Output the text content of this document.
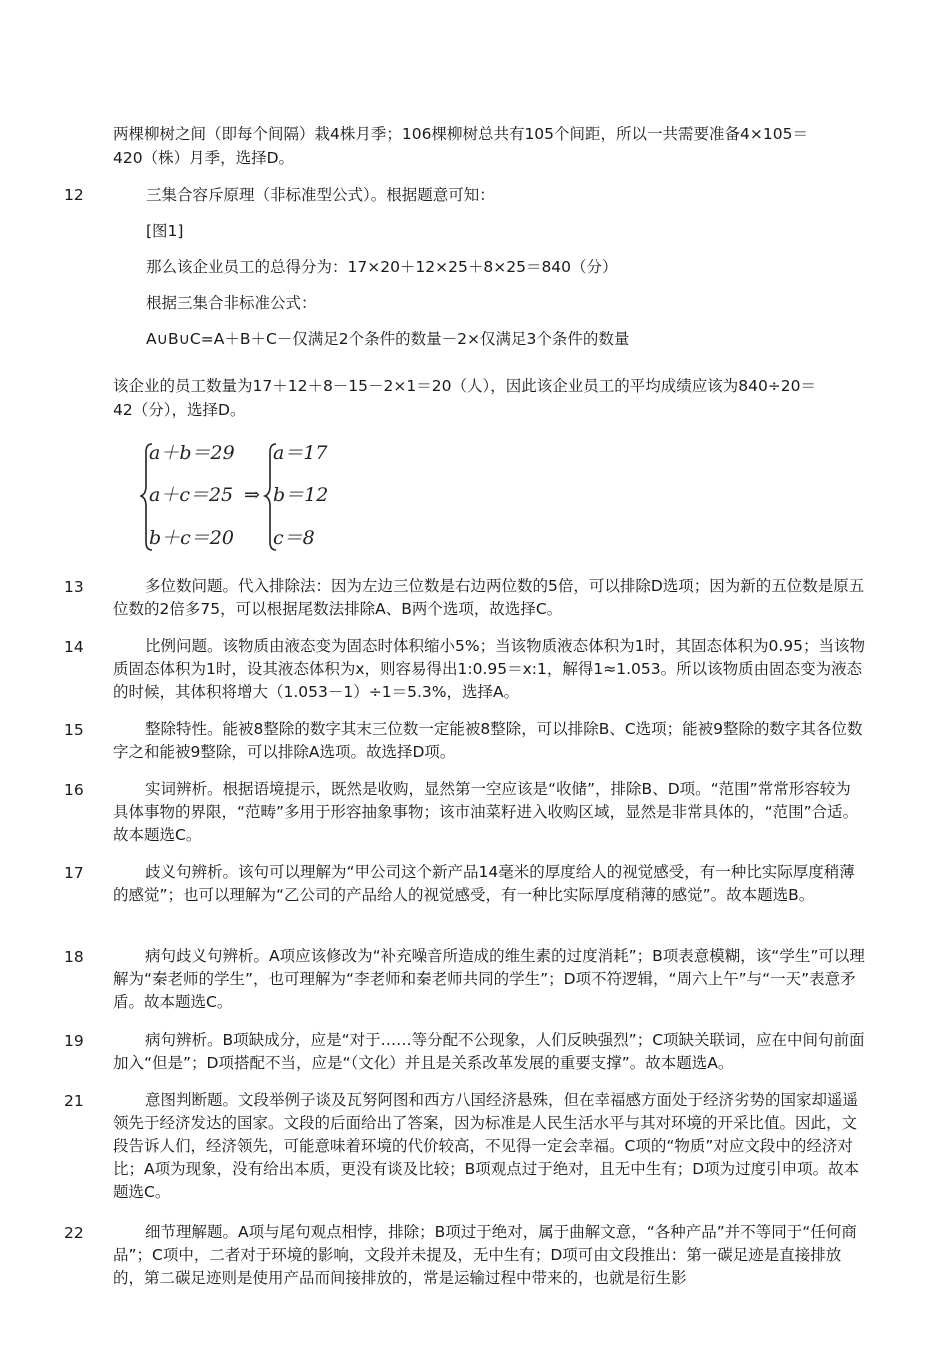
两棵柳树之间（即每个间隔）栽4株月季；106棵柳树总共有105个间距，所以一共需要准备4×105＝
420（株）月季，选择D。
12	三集合容斥原理（非标准型公式）。根据题意可知：
[图1]
那么该企业员工的总得分为：17×20＋12×25＋8×25＝840（分）
根据三集合非标准公式：
A∪B∪C=A＋B＋C－仅满足2个条件的数量－2×仅满足3个条件的数量
该企业的员工数量为17＋12＋8－15－2×1＝20（人），因此该企业员工的平均成绩应该为840÷20＝
42（分），选择D。
a＋b＝29
a＋c＝25
b＋c＝20
⇒
a＝17
b＝12
c＝8
13	多位数问题。代入排除法：因为左边三位数是右边两位数的5倍，可以排除D选项；因为新的五位数是原五位数的2倍多75，可以根据尾数法排除A、B两个选项，故选择C。
14	比例问题。该物质由液态变为固态时体积缩小5%；当该物质液态体积为1时，其固态体积为0.95；当该物质固态体积为1时，设其液态体积为x，则容易得出1:0.95＝x:1，解得1≈1.053。所以该物质由固态变为液态的时候，其体积将增大（1.053－1）÷1＝5.3%，选择A。
15	整除特性。能被8整除的数字其末三位数一定能被8整除，可以排除B、C选项；能被9整除的数字其各位数字之和能被9整除，可以排除A选项。故选择D项。
16	实词辨析。根据语境提示，既然是收购，显然第一空应该是“收储”，排除B、D项。“范围”常常形容较为具体事物的界限，“范畴”多用于形容抽象事物；该市油菜籽进入收购区域，显然是非常具体的，“范围”合适。故本题选C。
17	歧义句辨析。该句可以理解为“甲公司这个新产品14毫米的厚度给人的视觉感受，有一种比实际厚度稍薄的感觉”；也可以理解为“乙公司的产品给人的视觉感受，有一种比实际厚度稍薄的感觉”。故本题选B。
18	病句歧义句辨析。A项应该修改为“补充噪音所造成的维生素的过度消耗”；B项表意模糊，该“学生”可以理解为“秦老师的学生”，也可理解为“李老师和秦老师共同的学生”；D项不符逻辑，“周六上午”与“一天”表意矛盾。故本题选C。
19	病句辨析。B项缺成分，应是“对于……等分配不公现象，人们反映强烈”；C项缺关联词，应在中间句前面加入“但是”；D项搭配不当，应是“（文化）并且是关系改革发展的重要支撑”。故本题选A。
21	意图判断题。文段举例子谈及瓦努阿图和西方八国经济悬殊，但在幸福感方面处于经济劣势的国家却遥遥领先于经济发达的国家。文段的后面给出了答案，因为标准是人民生活水平与其对环境的开采比值。因此，文段告诉人们，经济领先，可能意味着环境的代价较高，不见得一定会幸福。C项的“物质”对应文段中的经济对比；A项为现象，没有给出本质，更没有谈及比较；B项观点过于绝对，且无中生有；D项为过度引申项。故本题选C。
22	细节理解题。A项与尾句观点相悖，排除；B项过于绝对，属于曲解文意，“各种产品”并不等同于“任何商品”；C项中，二者对于环境的影响，文段并未提及，无中生有；D项可由文段推出：第一碳足迹是直接排放的，第二碳足迹则是使用产品而间接排放的，常是运输过程中带来的，也就是衍生影
